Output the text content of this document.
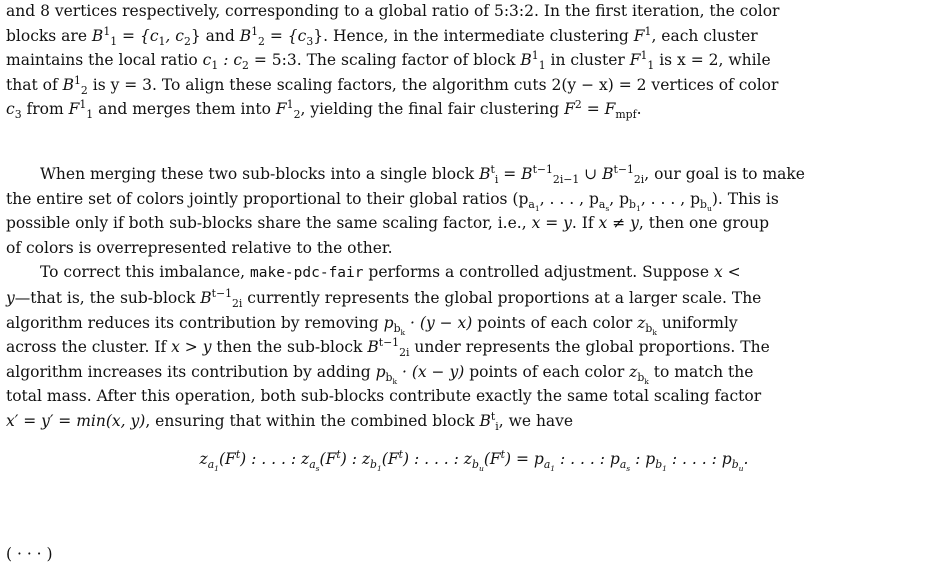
and 8 vertices respectively, corresponding to a global ratio of 5:3:2. In the first iteration, the color
blocks are $B^1_1 = \{c_1$, $c_2$} and $B^1_2 = \{c_3\}$. Hence, in the intermediate clustering $F^1$, each cluster
maintains the local ratio $c_1$ : $c_2$ = 5:3. The scaling factor of block $B^1_1$ in cluster $F^1_1$ is x = 2, while
that of $B^1_2$ is y = 3. To align these scaling factors, the algorithm cuts 2(y − x) = 2 vertices of color
$c_3$ from $F^1_1$ and merges them into $F^1_2$, yielding the final fair clustering $F^2 = F_{mpf}$.

When merging these two sub-blocks into a single block $B^t_i = B^{t-1}_{2i-1}$ ∪ $B^{t-1}_{2i}$, our goal is to make
the entire set of colors jointly proportional to their global ratios ($p_{a_1}$, . . . , $p_{a_s}$, $p_{b_1}$, . . . , $p_{b_u}$). This is
possible only if both sub-blocks share the same scaling factor, i.e., x = y. If x ≠ y, then one group
of colors is overrepresented relative to the other.

To correct this imbalance, make-pdc-fair performs a controlled adjustment. Suppose x <
y—that is, the sub-block $B^{t-1}_{2i}$ currently represents the global proportions at a larger scale. The
algorithm reduces its contribution by removing $p_{b_k} \cdot (y - x)$ points of each color $z_{b_k}$ uniformly
across the cluster. If x > y then the sub-block $B^{t-1}_{2i}$ under represents the global proportions. The
algorithm increases its contribution by adding $p_{b_k} \cdot (x - y)$ points of each color $z_{b_k}$ to match the
total mass. After this operation, both sub-blocks contribute exactly the same total scaling factor
x′ = y′ = min(x, y), ensuring that within the combined block $B^t_i$, we have

$z_{a_1}(F^t)$ : . . . : $z_{a_s}(F^t)$ : $z_{b_1}(F^t)$ : . . . : $z_{b_u}(F^t) = p_{a_1}$ : . . . : $p_{a_s}$ : $p_{b_1}$ : . . . : $p_{b_u}$.
( · · · )
